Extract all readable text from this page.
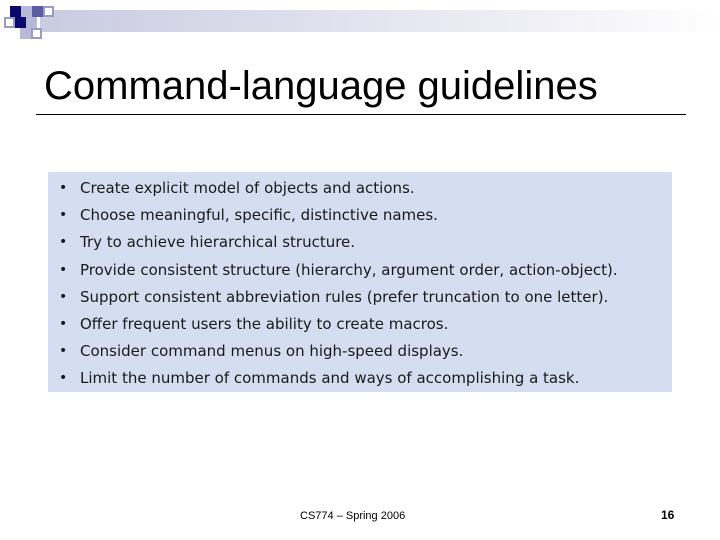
Command-language guidelines
• Create explicit model of objects and actions.
• Choose meaningful, specific, distinctive names.
• Try to achieve hierarchical structure.
• Provide consistent structure (hierarchy, argument order, action-object).
• Support consistent abbreviation rules (prefer truncation to one letter).
• Offer frequent users the ability to create macros.
• Consider command menus on high-speed displays.
• Limit the number of commands and ways of accomplishing a task.
CS774 – Spring 2006	16
